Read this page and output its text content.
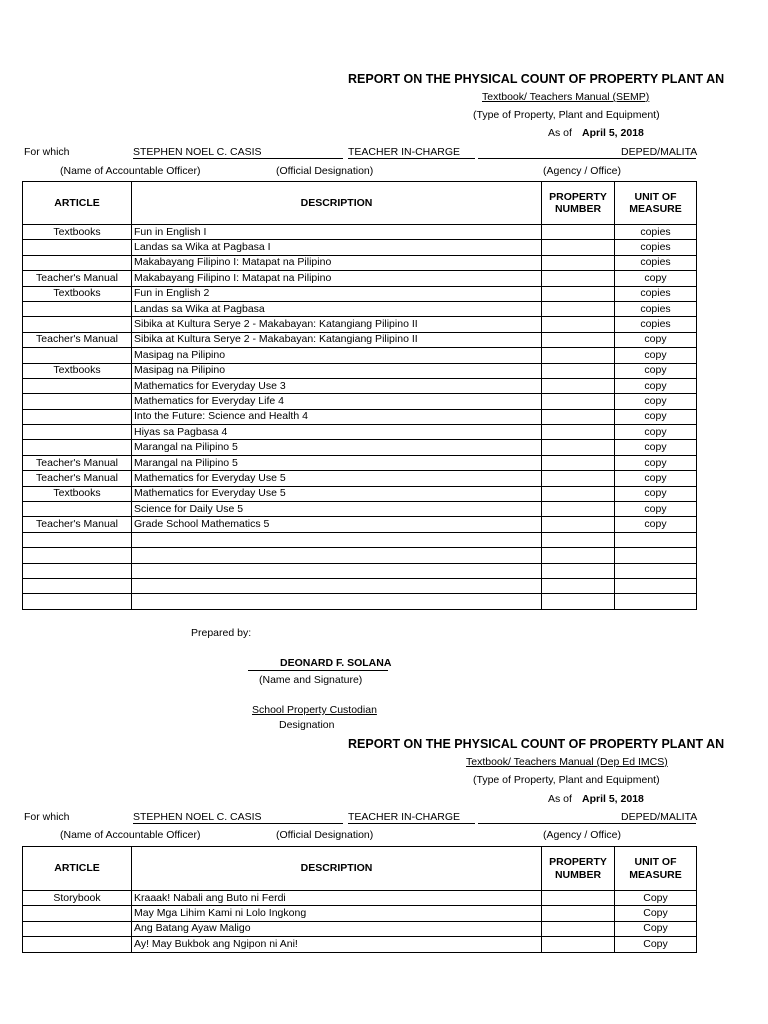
REPORT ON THE PHYSICAL COUNT OF PROPERTY PLANT AN
Textbook/ Teachers Manual (SEMP)
(Type of Property, Plant and Equipment)
As of April 5, 2018
For which	STEPHEN NOEL C. CASIS	TEACHER IN-CHARGE	DEPED/MALITA
(Name of Accountable Officer)	(Official Designation)	(Agency / Office)
ARTICLE	DESCRIPTION	PROPERTY NUMBER	UNIT OF MEASURE
Textbooks	Fun in English I		copies
	Landas sa Wika at Pagbasa I		copies
	Makabayang Filipino I: Matapat na Pilipino		copies
Teacher's Manual	Makabayang Filipino I: Matapat na Pilipino		copy
Textbooks	Fun in English 2		copies
	Landas sa Wika at Pagbasa		copies
	Sibika at Kultura Serye 2 - Makabayan: Katangiang Pilipino II		copies
Teacher's Manual	Sibika at Kultura Serye 2 - Makabayan: Katangiang Pilipino II		copy
	Masipag na Pilipino		copy
Textbooks	Masipag na Pilipino		copy
	Mathematics for Everyday Use 3		copy
	Mathematics for Everyday Life 4		copy
	Into the Future: Science and Health 4		copy
	Hiyas sa Pagbasa 4		copy
	Marangal na Pilipino 5		copy
Teacher's Manual	Marangal na Pilipino 5		copy
Teacher's Manual	Mathematics for Everyday Use 5		copy
Textbooks	Mathematics for Everyday Use 5		copy
	Science for Daily Use 5		copy
Teacher's Manual	Grade School Mathematics 5		copy

Prepared by:
DEONARD F. SOLANA
(Name and Signature)
School Property Custodian
Designation
REPORT ON THE PHYSICAL COUNT OF PROPERTY PLANT AN
Textbook/ Teachers Manual (Dep Ed IMCS)
(Type of Property, Plant and Equipment)
As of April 5, 2018
For which	STEPHEN NOEL C. CASIS	TEACHER IN-CHARGE	DEPED/MALITA
(Name of Accountable Officer)	(Official Designation)	(Agency / Office)
ARTICLE	DESCRIPTION	PROPERTY NUMBER	UNIT OF MEASURE
Storybook	Kraaak! Nabali ang Buto ni Ferdi		Copy
	May Mga Lihim Kami ni Lolo Ingkong		Copy
	Ang Batang Ayaw Maligo		Copy
	Ay! May Bukbok ang Ngipon ni Ani!		Copy
